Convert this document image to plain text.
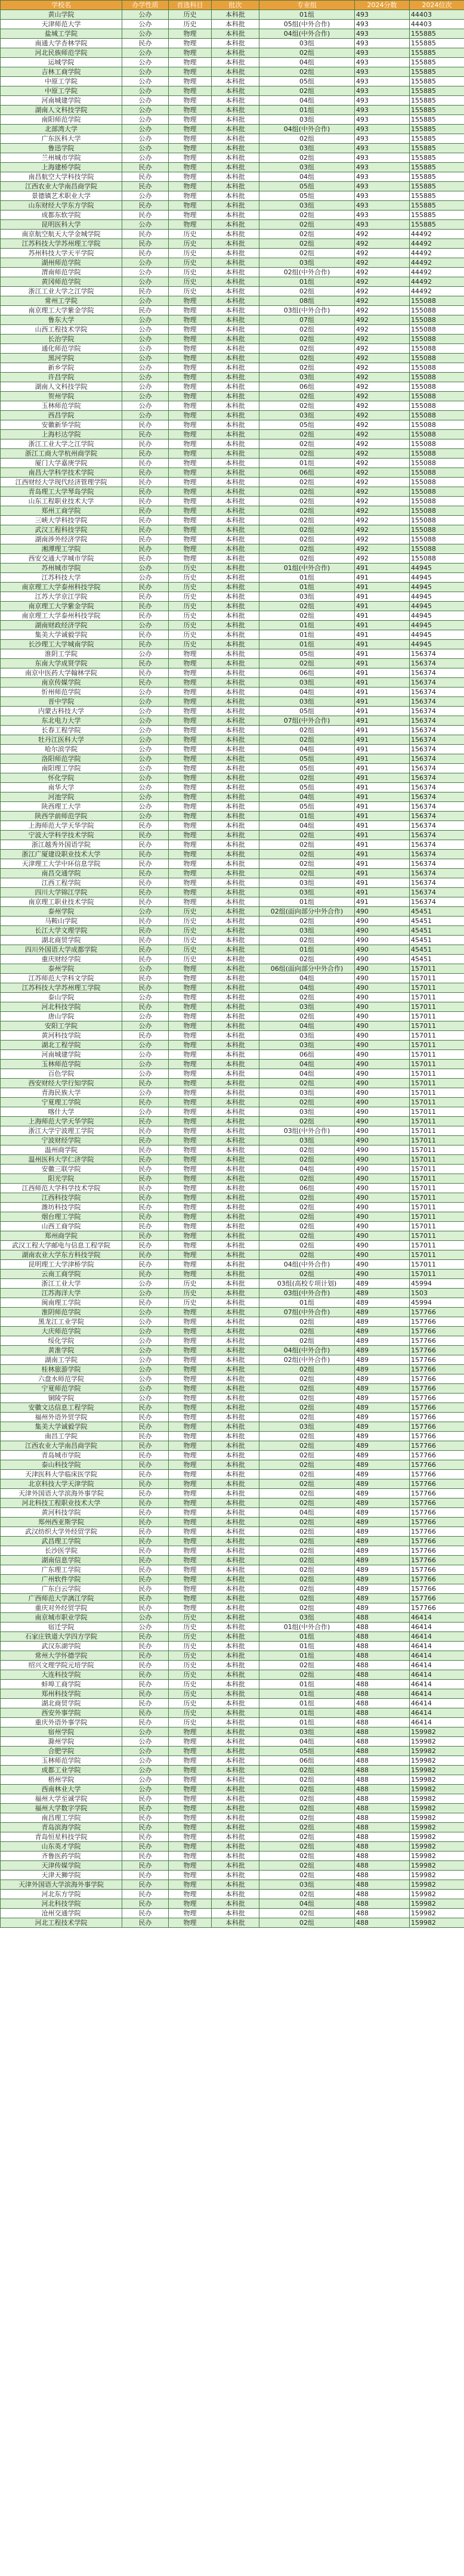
学校名	办学性质	首选科目	批次	专业组	2024分数	2024位次
黄山学院	公办	历史	本科批	01组	493	44403
天津师范大学	公办	历史	本科批	05组(中外合作)	493	44403
盐城工学院	公办	物理	本科批	04组(中外合作)	493	155885
南通大学杏林学院	民办	物理	本科批	03组	493	155885
河北民族师范学院	公办	物理	本科批	02组	493	155885
运城学院	公办	物理	本科批	04组	493	155885
吉林工商学院	公办	物理	本科批	02组	493	155885
中原工学院	公办	物理	本科批	05组	493	155885
中原工学院	公办	物理	本科批	02组	493	155885
河南城建学院	公办	物理	本科批	04组	493	155885
湖南人文科技学院	公办	物理	本科批	01组	493	155885
南阳师范学院	公办	物理	本科批	03组	493	155885
北部湾大学	公办	物理	本科批	04组(中外合作)	493	155885
广东医科大学	公办	物理	本科批	02组	493	155885
鲁迅学院	公办	物理	本科批	03组	493	155885
兰州城市学院	公办	物理	本科批	02组	493	155885
上海建桥学院	民办	物理	本科批	03组	493	155885
南昌航空大学科技学院	民办	物理	本科批	04组	493	155885
江西农业大学南昌商学院	民办	物理	本科批	05组	493	155885
景德镇艺术职业大学	公办	物理	本科批	05组	493	155885
山东财经大学东方学院	民办	物理	本科批	03组	493	155885
成都东软学院	民办	物理	本科批	02组	493	155885
昆明医科大学	公办	物理	本科批	02组	493	155885
南京航空航天大学金城学院	民办	历史	本科批	02组	492	44492
江苏科技大学苏州理工学院	民办	历史	本科批	02组	492	44492
苏州科技大学天平学院	民办	历史	本科批	02组	492	44492
湖州师范学院	公办	历史	本科批	03组	492	44492
渭南师范学院	公办	历史	本科批	02组(中外合作)	492	44492
黄冈师范学院	公办	历史	本科批	01组	492	44492
浙江工业大学之江学院	民办	历史	本科批	02组	492	44492
常州工学院	公办	物理	本科批	08组	492	155088
南京理工大学紫金学院	民办	物理	本科批	03组(中外合作)	492	155088
鲁东大学	公办	物理	本科批	07组	492	155088
山西工程技术学院	公办	物理	本科批	02组	492	155088
长治学院	公办	物理	本科批	02组	492	155088
通化师范学院	公办	物理	本科批	02组	492	155088
黑河学院	公办	物理	本科批	02组	492	155088
新乡学院	公办	物理	本科批	02组	492	155088
许昌学院	公办	物理	本科批	03组	492	155088
湖南人文科技学院	公办	物理	本科批	06组	492	155088
贺州学院	公办	物理	本科批	02组	492	155088
玉林师范学院	公办	物理	本科批	02组	492	155088
西昌学院	公办	物理	本科批	03组	492	155088
安徽新华学院	民办	物理	本科批	05组	492	155088
上海杉达学院	民办	物理	本科批	02组	492	155088
浙江工业大学之江学院	民办	物理	本科批	02组	492	155088
浙江工商大学杭州商学院	民办	物理	本科批	02组	492	155088
厦门大学嘉庚学院	民办	物理	本科批	01组	492	155088
南昌大学科学技术学院	民办	物理	本科批	06组	492	155088
江西财经大学现代经济管理学院	民办	物理	本科批	02组	492	155088
青岛理工大学琴岛学院	民办	物理	本科批	02组	492	155088
山东工程职业技术大学	民办	物理	本科批	02组	492	155088
郑州工商学院	民办	物理	本科批	02组	492	155088
三峡大学科技学院	民办	物理	本科批	02组	492	155088
武汉工程科技学院	民办	物理	本科批	02组	492	155088
湖南涉外经济学院	民办	物理	本科批	02组	492	155088
湘潭理工学院	民办	物理	本科批	02组	492	155088
西安交通大学城市学院	民办	物理	本科批	02组	492	155088
苏州城市学院	公办	历史	本科批	01组(中外合作)	491	44945
江苏科技大学	公办	历史	本科批	01组	491	44945
南京理工大学泰州科技学院	民办	历史	本科批	01组	491	44945
江苏大学京江学院	民办	历史	本科批	03组	491	44945
南京理工大学紫金学院	民办	历史	本科批	02组	491	44945
南京理工大学泰州科技学院	民办	历史	本科批	02组	491	44945
湖南财政经济学院	公办	历史	本科批	01组	491	44945
集美大学诚毅学院	民办	历史	本科批	01组	491	44945
长沙理工大学城南学院	民办	历史	本科批	01组	491	44945
淮阴工学院	公办	物理	本科批	05组	491	156374
东南大学成贤学院	民办	物理	本科批	02组	491	156374
南京中医药大学翰林学院	民办	物理	本科批	06组	491	156374
南京传媒学院	民办	物理	本科批	03组	491	156374
忻州师范学院	公办	物理	本科批	04组	491	156374
晋中学院	公办	物理	本科批	03组	491	156374
内蒙古科技大学	公办	物理	本科批	05组	491	156374
东北电力大学	公办	物理	本科批	07组(中外合作)	491	156374
长春工程学院	公办	物理	本科批	02组	491	156374
牡丹江医科大学	公办	物理	本科批	02组	491	156374
哈尔滨学院	公办	物理	本科批	04组	491	156374
洛阳师范学院	公办	物理	本科批	05组	491	156374
南阳理工学院	公办	物理	本科批	05组	491	156374
怀化学院	公办	物理	本科批	02组	491	156374
南华大学	公办	物理	本科批	05组	491	156374
河池学院	公办	物理	本科批	04组	491	156374
陕西理工大学	公办	物理	本科批	05组	491	156374
陕西学前师范学院	公办	物理	本科批	01组	491	156374
上海师范大学天华学院	民办	物理	本科批	04组	491	156374
宁波大学科学技术学院	民办	物理	本科批	02组	491	156374
浙江越秀外国语学院	民办	物理	本科批	02组	491	156374
浙江广厦建设职业技术大学	民办	物理	本科批	02组	491	156374
天津理工大学中环信息学院	民办	物理	本科批	02组	491	156374
南昌交通学院	民办	物理	本科批	02组	491	156374
江西工程学院	民办	物理	本科批	03组	491	156374
四川大学锦江学院	民办	物理	本科批	03组	491	156374
南京理工职业技术学院	民办	物理	本科批	01组	491	156374
泰州学院	公办	历史	本科批	02组(面向部分中外合作)	490	45451
马鞍山学院	民办	历史	本科批	02组	490	45451
长江大学文理学院	民办	历史	本科批	03组	490	45451
湖北商贸学院	民办	历史	本科批	02组	490	45451
四川外国语大学成都学院	民办	历史	本科批	01组	490	45451
重庆财经学院	民办	历史	本科批	02组	490	45451
泰州学院	公办	物理	本科批	06组(面向部分中外合作)	490	157011
江苏师范大学科文学院	民办	物理	本科批	04组	490	157011
江苏科技大学苏州理工学院	民办	物理	本科批	04组	490	157011
泰山学院	公办	物理	本科批	02组	490	157011
河北科技学院	民办	物理	本科批	03组	490	157011
唐山学院	公办	物理	本科批	02组	490	157011
安阳工学院	公办	物理	本科批	04组	490	157011
黄河科技学院	民办	物理	本科批	03组	490	157011
湖北工程学院	公办	物理	本科批	03组	490	157011
河南城建学院	公办	物理	本科批	06组	490	157011
玉林师范学院	公办	物理	本科批	04组	490	157011
百色学院	公办	物理	本科批	04组	490	157011
西安财经大学行知学院	民办	物理	本科批	02组	490	157011
青海民族大学	公办	物理	本科批	03组	490	157011
宁夏理工学院	民办	物理	本科批	02组	490	157011
喀什大学	公办	物理	本科批	03组	490	157011
上海师范大学天华学院	民办	物理	本科批	02组	490	157011
浙江大学宁波理工学院	民办	物理	本科批	03组(中外合作)	490	157011
宁波财经学院	民办	物理	本科批	03组	490	157011
温州商学院	民办	物理	本科批	02组	490	157011
温州医科大学仁济学院	民办	物理	本科批	02组	490	157011
安徽三联学院	民办	物理	本科批	04组	490	157011
阳光学院	民办	物理	本科批	02组	490	157011
江西师范大学科学技术学院	民办	物理	本科批	06组	490	157011
江西科技学院	民办	物理	本科批	02组	490	157011
潍坊科技学院	民办	物理	本科批	02组	490	157011
烟台理工学院	民办	物理	本科批	02组	490	157011
山西工商学院	民办	物理	本科批	02组	490	157011
郑州商学院	民办	物理	本科批	02组	490	157011
武汉工程大学邮电与信息工程学院	民办	物理	本科批	02组	490	157011
湖南农业大学东方科技学院	民办	物理	本科批	02组	490	157011
昆明理工大学津桥学院	民办	物理	本科批	04组(中外合作)	490	157011
云南工商学院	民办	物理	本科批	02组	490	157011
浙江工业大学	公办	历史	本科批	03组(高校专项计划)	489	45994
江苏海洋大学	公办	历史	本科批	03组(中外合作)	489	1503
闽南理工学院	民办	历史	本科批	01组	489	45994
淮阴师范学院	公办	物理	本科批	07组(中外合作)	489	157766
黑龙江工业学院	公办	物理	本科批	02组	489	157766
大庆师范学院	公办	物理	本科批	02组	489	157766
绥化学院	公办	物理	本科批	02组	489	157766
黄淮学院	公办	物理	本科批	04组(中外合作)	489	157766
湖南工学院	公办	物理	本科批	02组(中外合作)	489	157766
桂林旅游学院	公办	物理	本科批	02组	489	157766
六盘水师范学院	公办	物理	本科批	02组	489	157766
宁夏师范学院	公办	物理	本科批	02组	489	157766
铜陵学院	公办	物理	本科批	02组	489	157766
安徽文达信息工程学院	民办	物理	本科批	02组	489	157766
福州外语外贸学院	民办	物理	本科批	02组	489	157766
集美大学诚毅学院	民办	物理	本科批	03组	489	157766
南昌工学院	民办	物理	本科批	02组	489	157766
江西农业大学南昌商学院	民办	物理	本科批	02组	489	157766
青岛城市学院	民办	物理	本科批	02组	489	157766
泰山科技学院	民办	物理	本科批	02组	489	157766
天津医科大学临床医学院	民办	物理	本科批	02组	489	157766
北京科技大学天津学院	民办	物理	本科批	02组	489	157766
天津外国语大学滨海外事学院	民办	物理	本科批	02组	489	157766
河北科技工程职业技术大学	民办	物理	本科批	02组	489	157766
黄河科技学院	民办	物理	本科批	04组	489	157766
郑州西亚斯学院	民办	物理	本科批	02组	489	157766
武汉纺织大学外经贸学院	民办	物理	本科批	02组	489	157766
武昌理工学院	民办	物理	本科批	02组	489	157766
长沙医学院	民办	物理	本科批	02组	489	157766
湖南信息学院	民办	物理	本科批	02组	489	157766
广东理工学院	民办	物理	本科批	02组	489	157766
广州软件学院	民办	物理	本科批	02组	489	157766
广东白云学院	民办	物理	本科批	02组	489	157766
广西师范大学漓江学院	民办	物理	本科批	02组	489	157766
重庆对外经贸学院	民办	物理	本科批	02组	489	157766
南京城市职业学院	公办	历史	本科批	03组	488	46414
宿迁学院	公办	历史	本科批	01组(中外合作)	488	46414
石家庄铁道大学四方学院	民办	历史	本科批	01组	488	46414
武汉东湖学院	民办	历史	本科批	01组	488	46414
常州大学怀德学院	民办	历史	本科批	01组	488	46414
绍兴文理学院元培学院	民办	历史	本科批	02组	488	46414
大连科技学院	民办	历史	本科批	02组	488	46414
蚌埠工商学院	民办	历史	本科批	01组	488	46414
郑州科技学院	民办	历史	本科批	01组	488	46414
湖北商贸学院	民办	历史	本科批	01组	488	46414
西安外事学院	民办	历史	本科批	01组	488	46414
重庆外语外事学院	民办	历史	本科批	01组	488	46414
宿州学院	公办	物理	本科批	03组	488	159982
滁州学院	公办	物理	本科批	04组	488	159982
合肥学院	公办	物理	本科批	05组	488	159982
玉林师范学院	公办	物理	本科批	06组	488	159982
成都工业学院	公办	物理	本科批	02组	488	159982
梧州学院	公办	物理	本科批	02组	488	159982
西南林业大学	公办	物理	本科批	02组	488	159982
福州大学至诚学院	民办	物理	本科批	02组	488	159982
福州大学数字学院	民办	物理	本科批	02组	488	159982
南昌理工学院	民办	物理	本科批	02组	488	159982
青岛滨海学院	民办	物理	本科批	02组	488	159982
青岛恒星科技学院	民办	物理	本科批	02组	488	159982
山东英才学院	民办	物理	本科批	02组	488	159982
齐鲁医药学院	民办	物理	本科批	02组	488	159982
天津传媒学院	民办	物理	本科批	02组	488	159982
天津天狮学院	民办	物理	本科批	02组	488	159982
天津外国语大学滨海外事学院	民办	物理	本科批	03组	488	159982
河北东方学院	民办	物理	本科批	02组	488	159982
河北科技学院	民办	物理	本科批	04组	488	159982
沧州交通学院	民办	物理	本科批	02组	488	159982
河北工程技术学院	民办	物理	本科批	02组	488	159982
